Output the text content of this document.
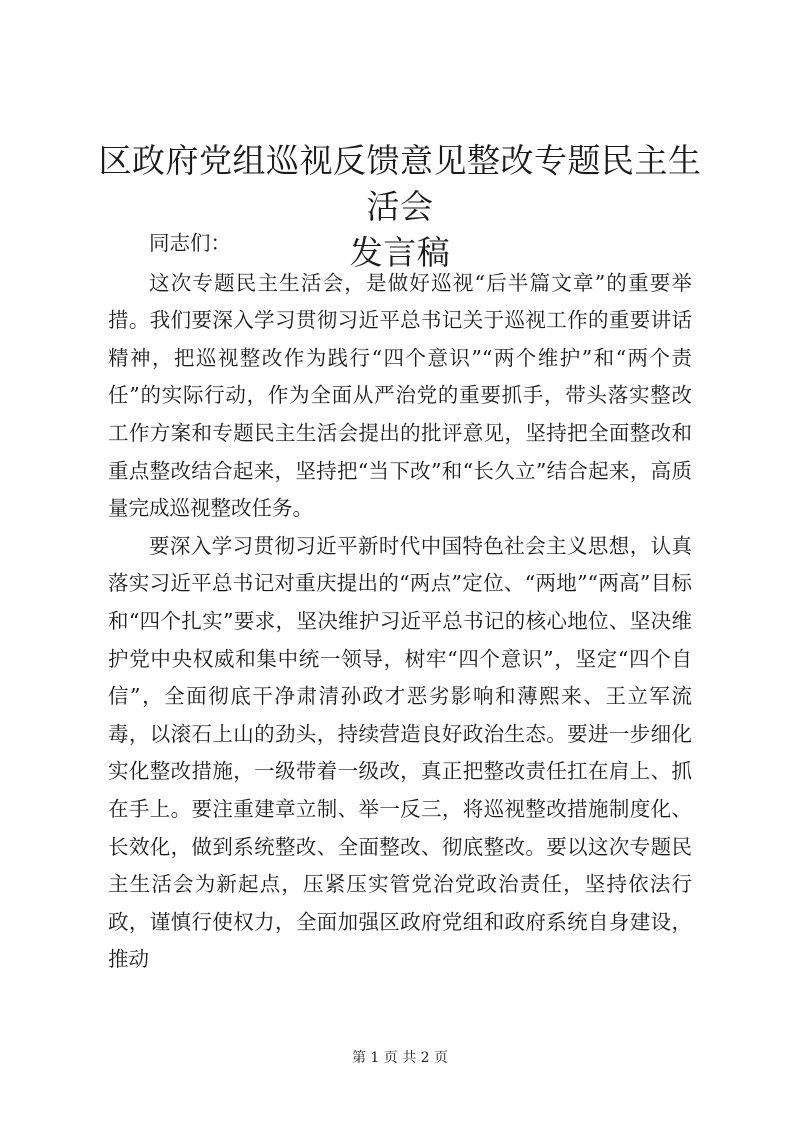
区政府党组巡视反馈意见整改专题民主生活会
发言稿

同志们：

这次专题民主生活会，是做好巡视“后半篇文章”的重要举措。我们要深入学习贯彻习近平总书记关于巡视工作的重要讲话精神，把巡视整改作为践行“四个意识”“两个维护”和“两个责任”的实际行动，作为全面从严治党的重要抓手，带头落实整改工作方案和专题民主生活会提出的批评意见，坚持把全面整改和重点整改结合起来，坚持把“当下改”和“长久立”结合起来，高质量完成巡视整改任务。

要深入学习贯彻习近平新时代中国特色社会主义思想，认真落实习近平总书记对重庆提出的“两点”定位、“两地”“两高”目标和“四个扎实”要求，坚决维护习近平总书记的核心地位、坚决维护党中央权威和集中统一领导，树牢“四个意识”，坚定“四个自信”，全面彻底干净肃清孙政才恶劣影响和薄熙来、王立军流毒，以滚石上山的劲头，持续营造良好政治生态。要进一步细化实化整改措施，一级带着一级改，真正把整改责任扛在肩上、抓在手上。要注重建章立制、举一反三，将巡视整改措施制度化、长效化，做到系统整改、全面整改、彻底整改。要以这次专题民主生活会为新起点，压紧压实管党治党政治责任，坚持依法行政，谨慎行使权力，全面加强区政府党组和政府系统自身建设，推动

第 1 页 共 2 页
